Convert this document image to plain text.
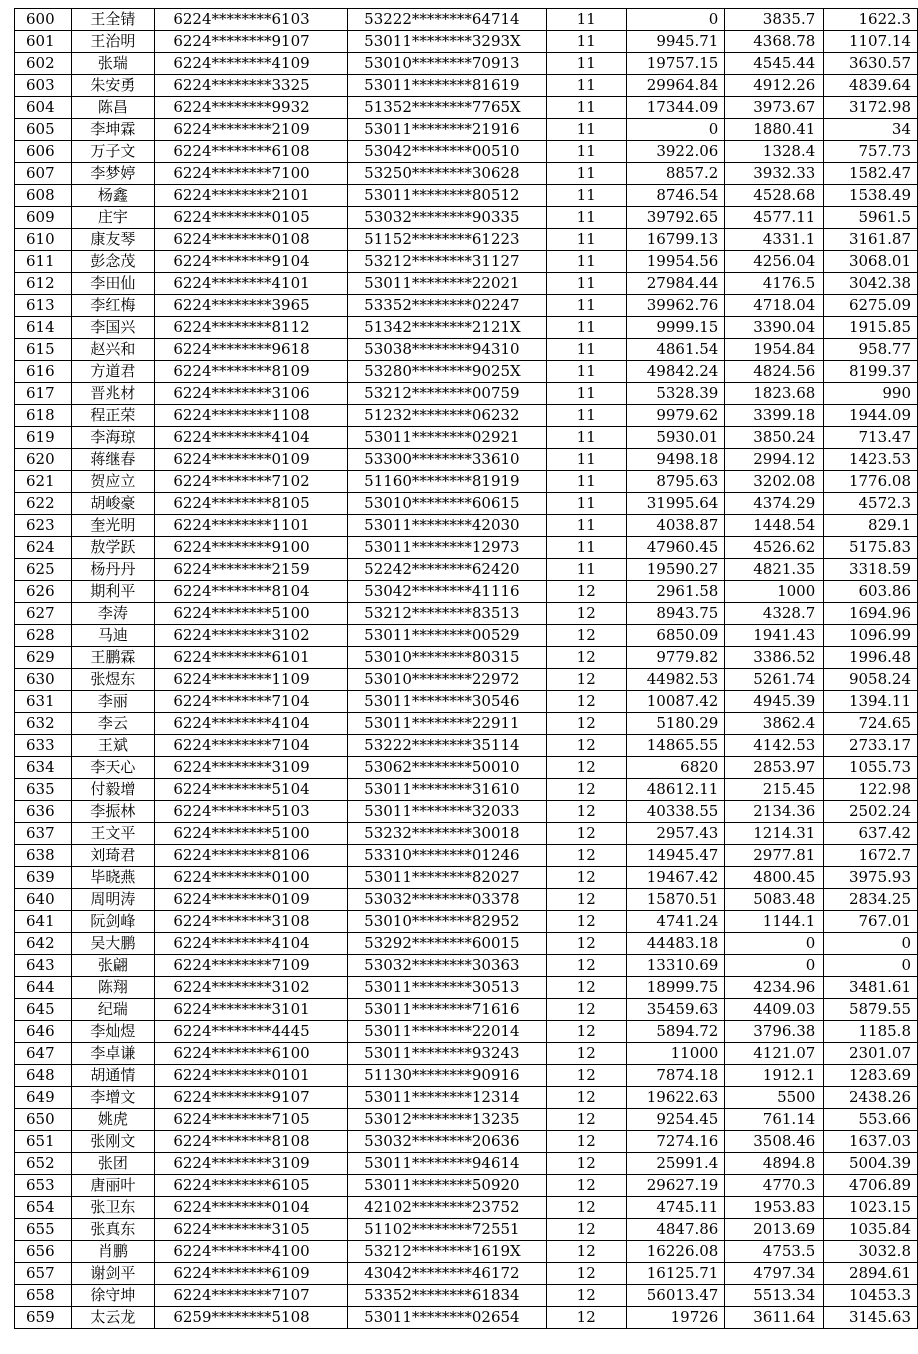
600	王全锖	6224********6103	53222********64714	11	0	3835.7	1622.3
601	王治明	6224********9107	53011********3293X	11	9945.71	4368.78	1107.14
602	张瑞	6224********4109	53010********70913	11	19757.15	4545.44	3630.57
603	朱安勇	6224********3325	53011********81619	11	29964.84	4912.26	4839.64
604	陈昌	6224********9932	51352********7765X	11	17344.09	3973.67	3172.98
605	李坤霖	6224********2109	53011********21916	11	0	1880.41	34
606	万子文	6224********6108	53042********00510	11	3922.06	1328.4	757.73
607	李梦婷	6224********7100	53250********30628	11	8857.2	3932.33	1582.47
608	杨鑫	6224********2101	53011********80512	11	8746.54	4528.68	1538.49
609	庄宇	6224********0105	53032********90335	11	39792.65	4577.11	5961.5
610	康友琴	6224********0108	51152********61223	11	16799.13	4331.1	3161.87
611	彭念茂	6224********9104	53212********31127	11	19954.56	4256.04	3068.01
612	李田仙	6224********4101	53011********22021	11	27984.44	4176.5	3042.38
613	李红梅	6224********3965	53352********02247	11	39962.76	4718.04	6275.09
614	李国兴	6224********8112	51342********2121X	11	9999.15	3390.04	1915.85
615	赵兴和	6224********9618	53038********94310	11	4861.54	1954.84	958.77
616	方道君	6224********8109	53280********9025X	11	49842.24	4824.56	8199.37
617	晋兆材	6224********3106	53212********00759	11	5328.39	1823.68	990
618	程正荣	6224********1108	51232********06232	11	9979.62	3399.18	1944.09
619	李海琼	6224********4104	53011********02921	11	5930.01	3850.24	713.47
620	蒋继春	6224********0109	53300********33610	11	9498.18	2994.12	1423.53
621	贺应立	6224********7102	51160********81919	11	8795.63	3202.08	1776.08
622	胡峻豪	6224********8105	53010********60615	11	31995.64	4374.29	4572.3
623	奎光明	6224********1101	53011********42030	11	4038.87	1448.54	829.1
624	敖学跃	6224********9100	53011********12973	11	47960.45	4526.62	5175.83
625	杨丹丹	6224********2159	52242********62420	11	19590.27	4821.35	3318.59
626	期利平	6224********8104	53042********41116	12	2961.58	1000	603.86
627	李涛	6224********5100	53212********83513	12	8943.75	4328.7	1694.96
628	马迪	6224********3102	53011********00529	12	6850.09	1941.43	1096.99
629	王鹏霖	6224********6101	53010********80315	12	9779.82	3386.52	1996.48
630	张煜东	6224********1109	53010********22972	12	44982.53	5261.74	9058.24
631	李丽	6224********7104	53011********30546	12	10087.42	4945.39	1394.11
632	李云	6224********4104	53011********22911	12	5180.29	3862.4	724.65
633	王斌	6224********7104	53222********35114	12	14865.55	4142.53	2733.17
634	李天心	6224********3109	53062********50010	12	6820	2853.97	1055.73
635	付毅增	6224********5104	53011********31610	12	48612.11	215.45	122.98
636	李振林	6224********5103	53011********32033	12	40338.55	2134.36	2502.24
637	王文平	6224********5100	53232********30018	12	2957.43	1214.31	637.42
638	刘琦君	6224********8106	53310********01246	12	14945.47	2977.81	1672.7
639	毕晓燕	6224********0100	53011********82027	12	19467.42	4800.45	3975.93
640	周明涛	6224********0109	53032********03378	12	15870.51	5083.48	2834.25
641	阮剑峰	6224********3108	53010********82952	12	4741.24	1144.1	767.01
642	吴大鹏	6224********4104	53292********60015	12	44483.18	0	0
643	张翩	6224********7109	53032********30363	12	13310.69	0	0
644	陈翔	6224********3102	53011********30513	12	18999.75	4234.96	3481.61
645	纪瑞	6224********3101	53011********71616	12	35459.63	4409.03	5879.55
646	李灿煜	6224********4445	53011********22014	12	5894.72	3796.38	1185.8
647	李卓谦	6224********6100	53011********93243	12	11000	4121.07	2301.07
648	胡通情	6224********0101	51130********90916	12	7874.18	1912.1	1283.69
649	李增文	6224********9107	53011********12314	12	19622.63	5500	2438.26
650	姚虎	6224********7105	53012********13235	12	9254.45	761.14	553.66
651	张刚文	6224********8108	53032********20636	12	7274.16	3508.46	1637.03
652	张团	6224********3109	53011********94614	12	25991.4	4894.8	5004.39
653	唐丽叶	6224********6105	53011********50920	12	29627.19	4770.3	4706.89
654	张卫东	6224********0104	42102********23752	12	4745.11	1953.83	1023.15
655	张真东	6224********3105	51102********72551	12	4847.86	2013.69	1035.84
656	肖鹏	6224********4100	53212********1619X	12	16226.08	4753.5	3032.8
657	谢剑平	6224********6109	43042********46172	12	16125.71	4797.34	2894.61
658	徐守坤	6224********7107	53352********61834	12	56013.47	5513.34	10453.3
659	太云龙	6259********5108	53011********02654	12	19726	3611.64	3145.63
